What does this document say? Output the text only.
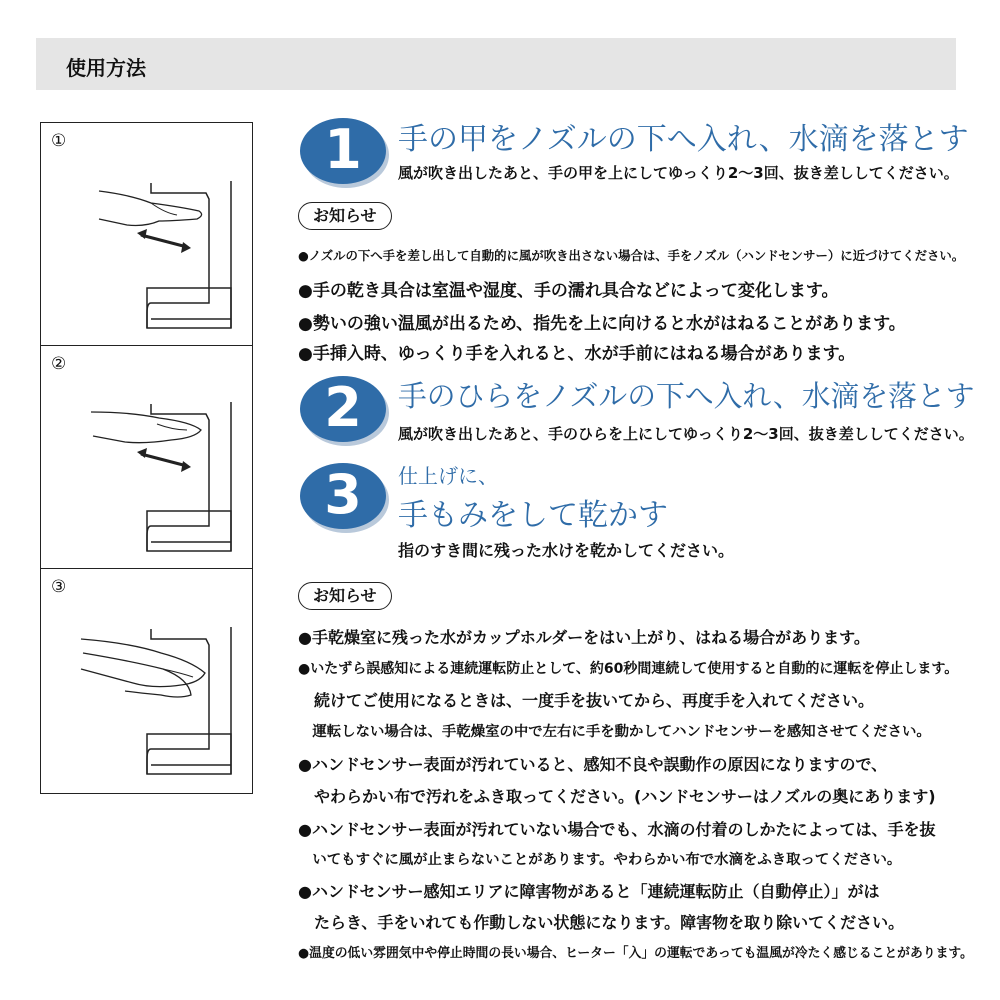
使用方法
①
②
③
1	手の甲をノズルの下へ入れ、水滴を落とす
風が吹き出したあと、手の甲を上にしてゆっくり2〜3回、抜き差ししてください。
お知らせ
●ノズルの下へ手を差し出して自動的に風が吹き出さない場合は、手をノズル（ハンドセンサー）に近づけてください。
●手の乾き具合は室温や湿度、手の濡れ具合などによって変化します。
●勢いの強い温風が出るため、指先を上に向けると水がはねることがあります。
●手挿入時、ゆっくり手を入れると、水が手前にはねる場合があります。
2	手のひらをノズルの下へ入れ、水滴を落とす
風が吹き出したあと、手のひらを上にしてゆっくり2〜3回、抜き差ししてください。
3	仕上げに、
手もみをして乾かす
指のすき間に残った水けを乾かしてください。
お知らせ
●手乾燥室に残った水がカップホルダーをはい上がり、はねる場合があります。
●いたずら誤感知による連続運転防止として、約60秒間連続して使用すると自動的に運転を停止します。
　続けてご使用になるときは、一度手を抜いてから、再度手を入れてください。
　運転しない場合は、手乾燥室の中で左右に手を動かしてハンドセンサーを感知させてください。
●ハンドセンサー表面が汚れていると、感知不良や誤動作の原因になりますので、
　やわらかい布で汚れをふき取ってください。(ハンドセンサーはノズルの奥にあります)
●ハンドセンサー表面が汚れていない場合でも、水滴の付着のしかたによっては、手を抜
　いてもすぐに風が止まらないことがあります。やわらかい布で水滴をふき取ってください。
●ハンドセンサー感知エリアに障害物があると「連続運転防止（自動停止）」がは
　たらき、手をいれても作動しない状態になります。障害物を取り除いてください。
●温度の低い雰囲気中や停止時間の長い場合、ヒーター「入」の運転であっても温風が冷たく感じることがあります。
